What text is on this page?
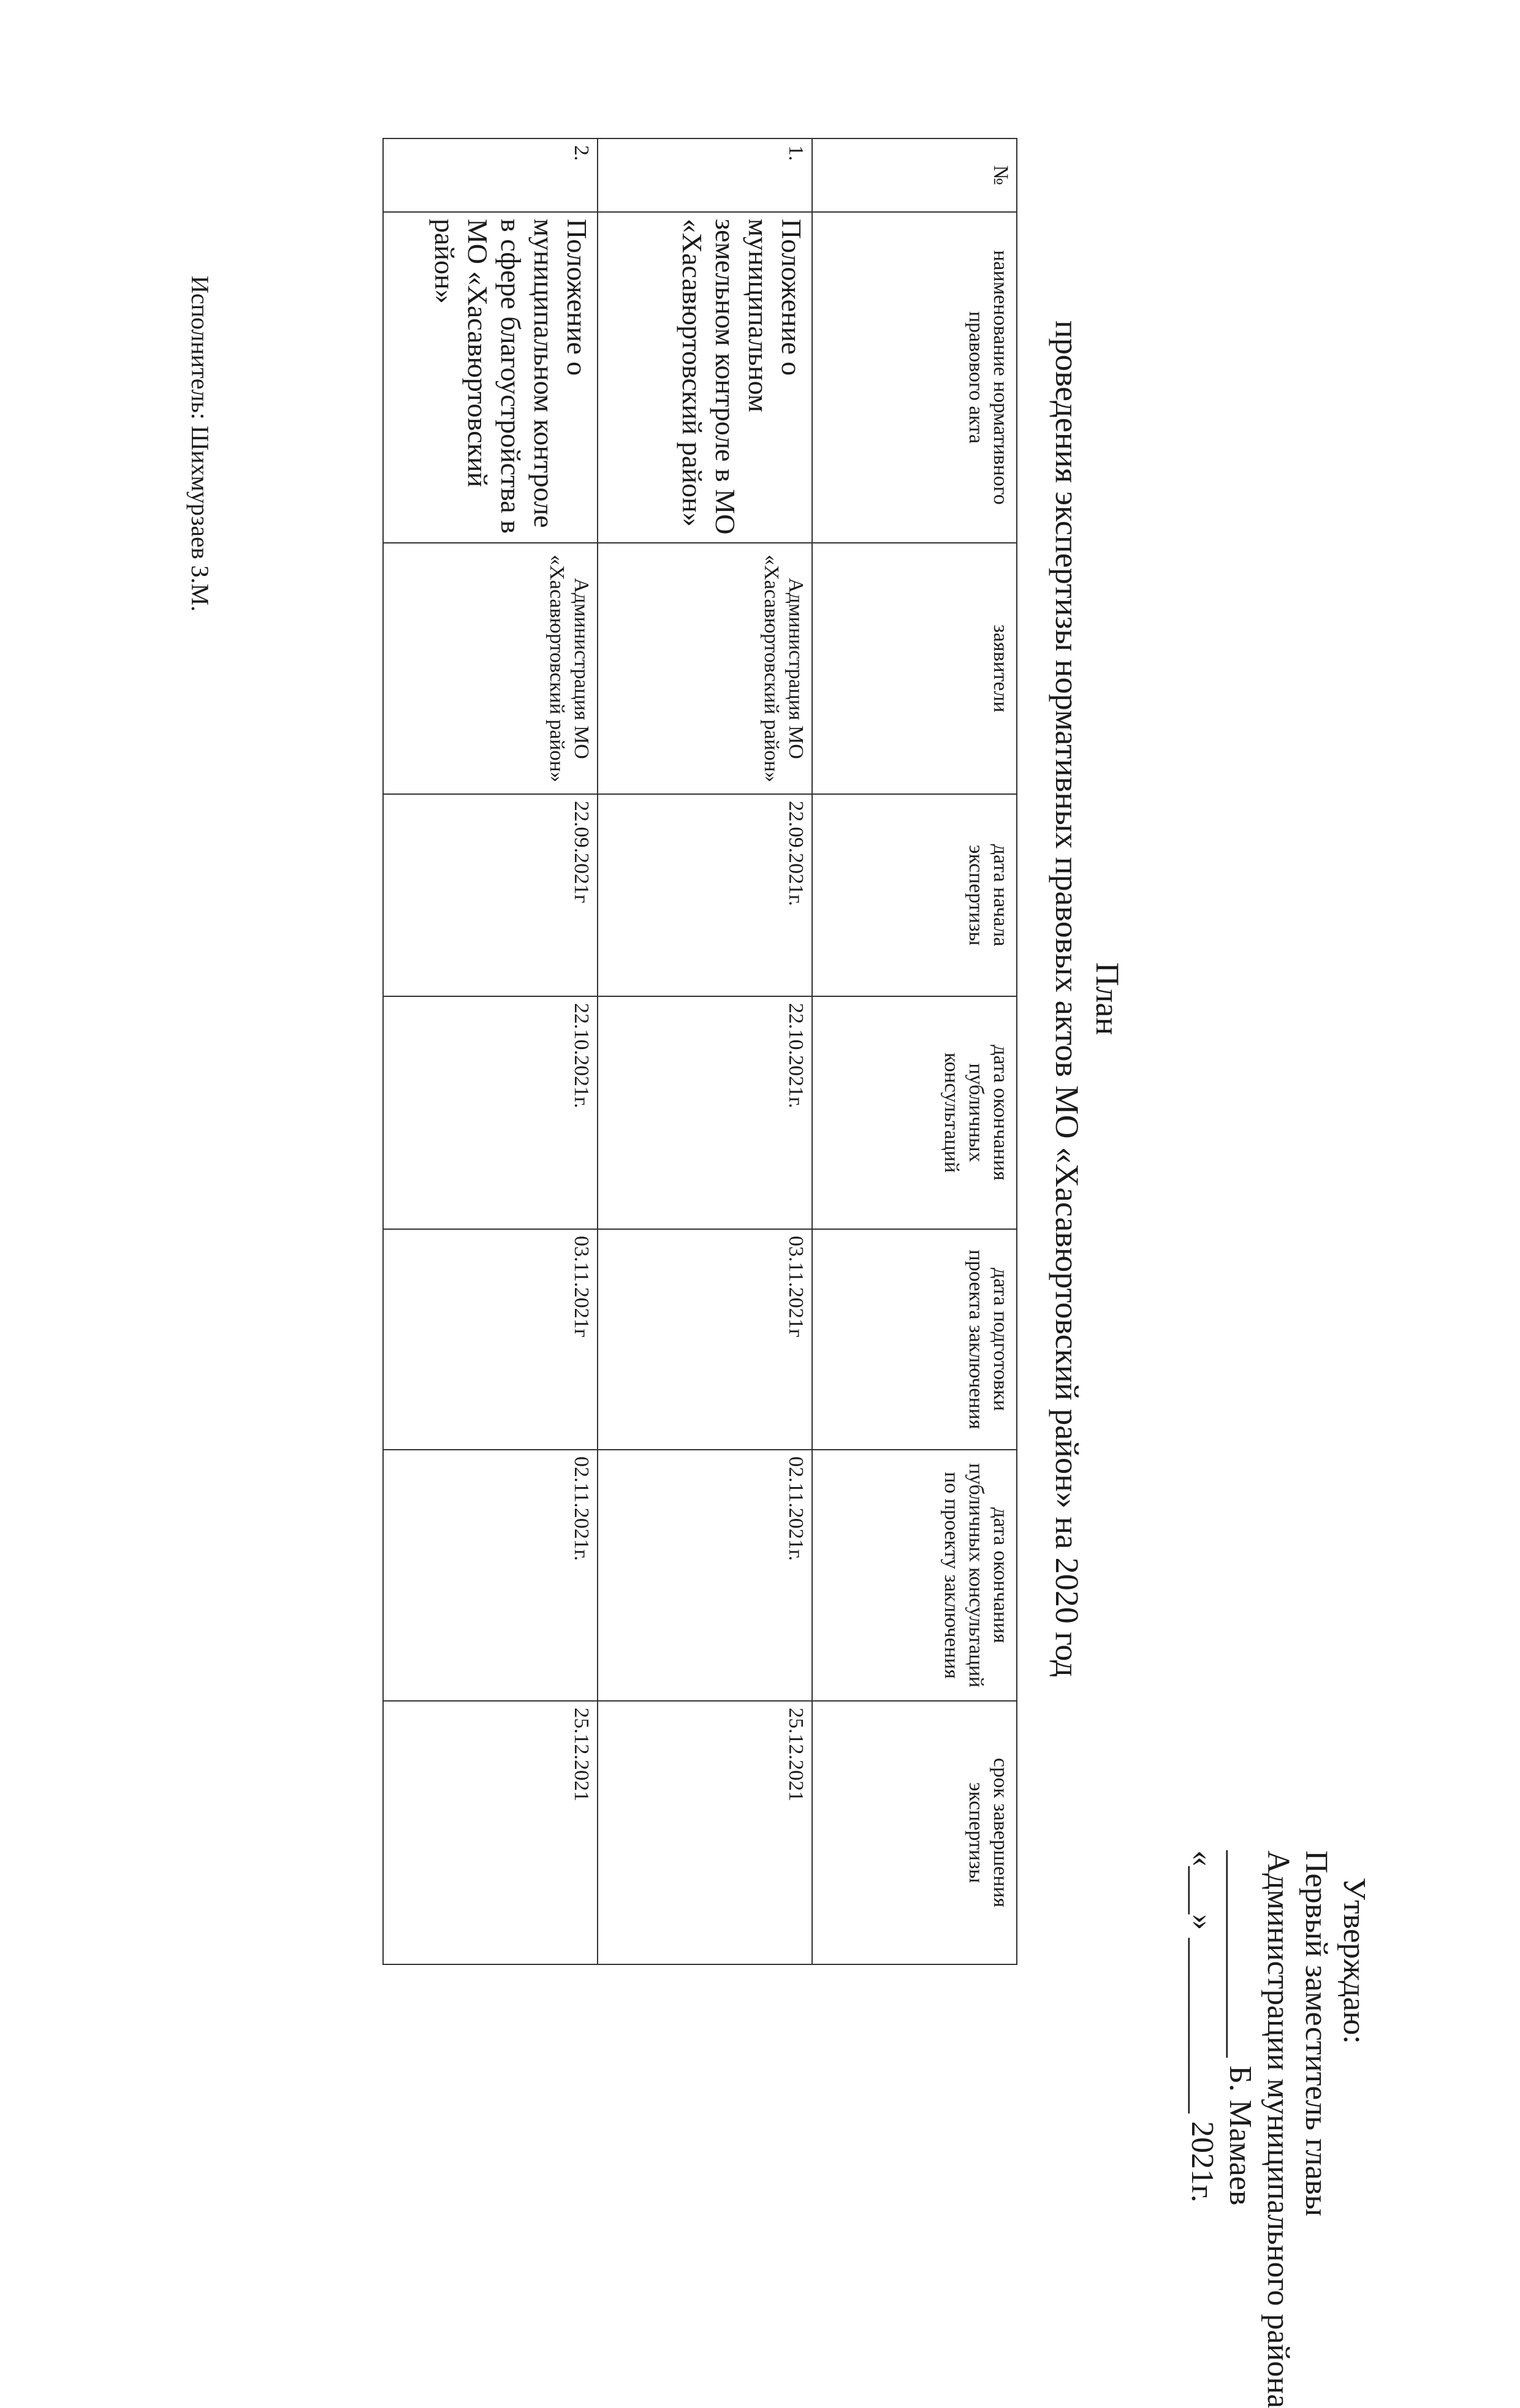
Утверждаю:
Первый заместитель главы
Администрации муниципального района
_____________ Б. Мамаев
«___» ___________ 2021г.
План
проведения экспертизы нормативных правовых актов МО «Хасавюртовский район» на 2020 год
№	наименование нормативного правового акта	заявители	дата начала экспертизы	дата окончания публичных консультаций	дата подготовки проекта заключения	дата окончания публичных консультаций по проекту заключения	срок завершения экспертизы
1.	Положение о муниципальном земельном контроле в МО «Хасавюртовский район»	Администрация МО «Хасавюртовский район»	22.09.2021г.	22.10.2021г.	03.11.2021г	02.11.2021г.	25.12.2021
2.	Положение о муниципальном контроле в сфере благоустройства в МО «Хасавюртовский район»	Администрация МО «Хасавюртовский район»	22.09.2021г	22.10.2021г.	03.11.2021г	02.11.2021г.	25.12.2021
Исполнитель: Шихмурзаев З.М.
